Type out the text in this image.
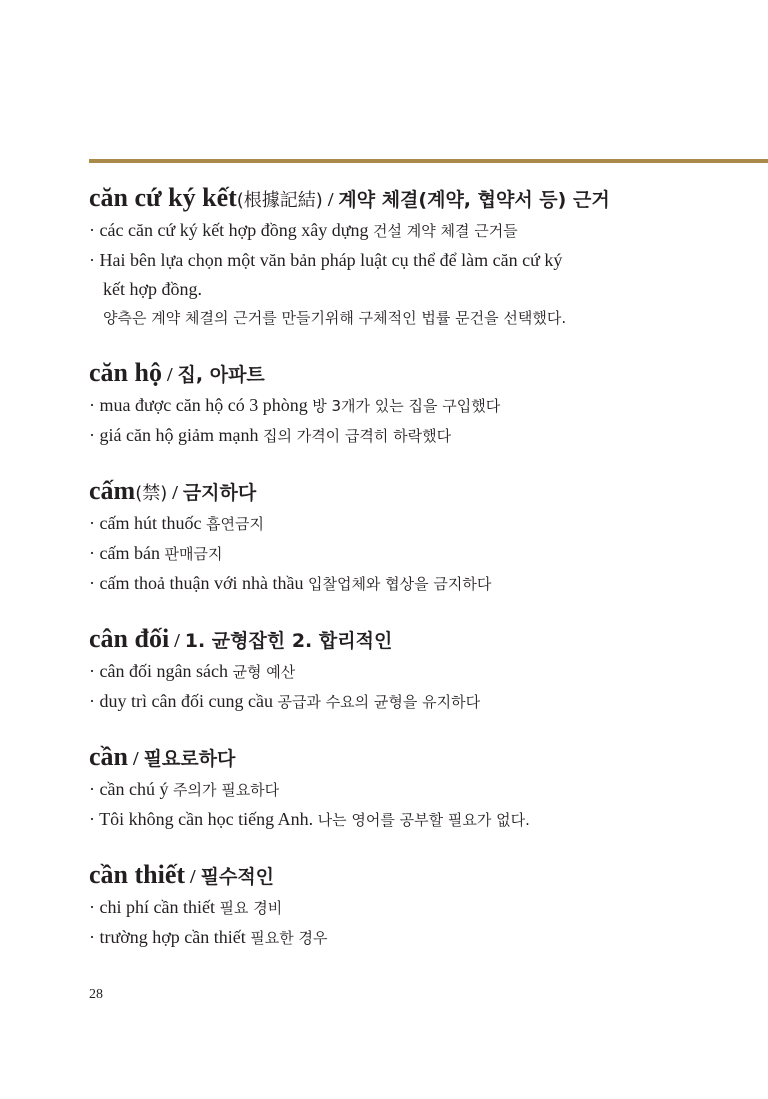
căn cứ ký kết(根據記結) / 계약 체결(계약, 협약서 등) 근거
· các căn cứ ký kết hợp đồng xây dựng 건설 계약 체결 근거들
· Hai bên lựa chọn một văn bản pháp luật cụ thể để làm căn cứ ký
kết hợp đồng.
양측은 계약 체결의 근거를 만들기위해 구체적인 법률 문건을 선택했다.
căn hộ / 집, 아파트
· mua được căn hộ có 3 phòng 방 3개가 있는 집을 구입했다
· giá căn hộ giảm mạnh 집의 가격이 급격히 하락했다
cấm(禁) / 금지하다
· cấm hút thuốc 흡연금지
· cấm bán 판매금지
· cấm thoả thuận với nhà thầu 입찰업체와 협상을 금지하다
cân đối / 1. 균형잡힌 2. 합리적인
· cân đối ngân sách 균형 예산
· duy trì cân đối cung cầu 공급과 수요의 균형을 유지하다
cần / 필요로하다
· cần chú ý 주의가 필요하다
· Tôi không cần học tiếng Anh. 나는 영어를 공부할 필요가 없다.
cần thiết / 필수적인
· chi phí cần thiết 필요 경비
· trường hợp cần thiết 필요한 경우
28
